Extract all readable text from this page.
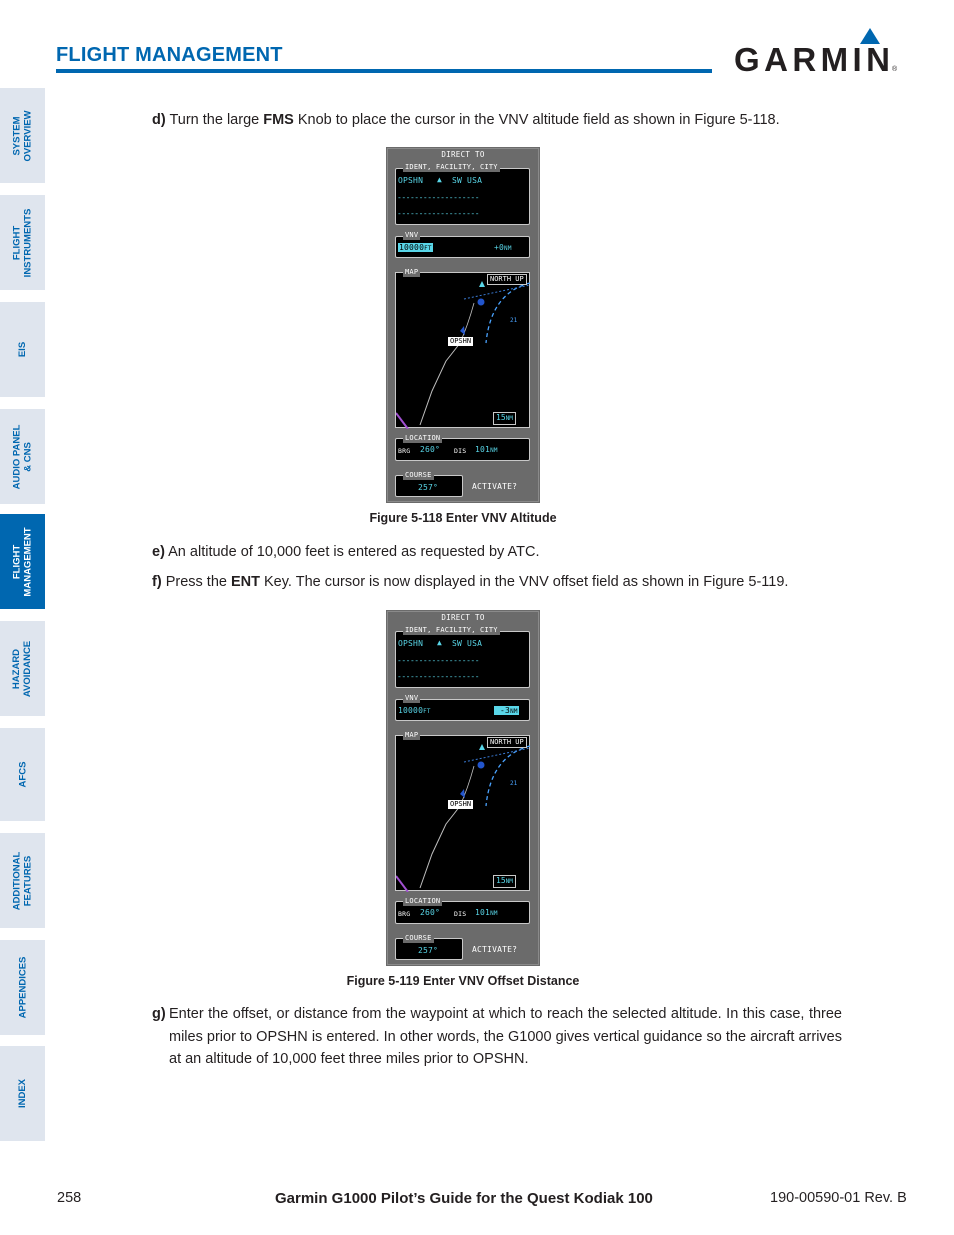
FLIGHT MANAGEMENT	GARMIN ®
SYSTEM
OVERVIEW
FLIGHT
INSTRUMENTS
EIS
AUDIO PANEL
& CNS
FLIGHT
MANAGEMENT
HAZARD
AVOIDANCE
AFCS
ADDITIONAL
FEATURES
APPENDICES
INDEX
d) Turn the large FMS Knob to place the cursor in the VNV altitude field as shown in Figure 5-118.
DIRECT TO
IDENT, FACILITY, CITY
OPSHN ▲ SW USA
-------------------
-------------------
VNV
10000FT	+0NM
21
MAP
NORTH UP
OPSHN
15NM
LOCATION
BRG 260° DIS 101NM
COURSE
257°	ACTIVATE?
Figure 5-118 Enter VNV Altitude
e) An altitude of 10,000 feet is entered as requested by ATC.
f) Press the ENT Key. The cursor is now displayed in the VNV offset field as shown in Figure 5-119.
DIRECT TO
IDENT, FACILITY, CITY
OPSHN ▲ SW USA
-------------------
-------------------
VNV
10000FT	-3NM
21
MAP
NORTH UP
OPSHN
15NM
LOCATION
BRG 260° DIS 101NM
COURSE
257°	ACTIVATE?
Figure 5-119 Enter VNV Offset Distance
g) Enter the offset, or distance from the waypoint at which to reach the selected altitude. In this case, three miles prior to OPSHN is entered. In other words, the G1000 gives vertical guidance so the aircraft arrives at an altitude of 10,000 feet three miles prior to OPSHN.
258	Garmin G1000 Pilot’s Guide for the Quest Kodiak 100	190-00590-01 Rev. B
